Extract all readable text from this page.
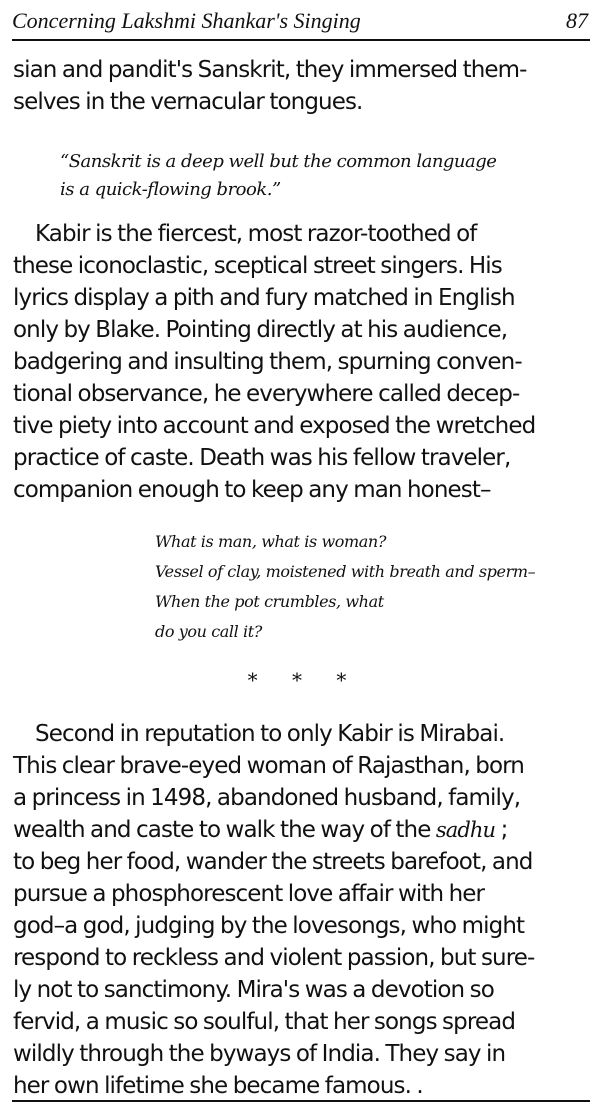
Concerning Lakshmi Shankar's Singing	87
sian and pandit's Sanskrit, they immersed them-
selves in the vernacular tongues.
“Sanskrit is a deep well but the common language
is a quick-flowing brook.”
Kabir is the fiercest, most razor-toothed of
these iconoclastic, sceptical street singers. His
lyrics display a pith and fury matched in English
only by Blake. Pointing directly at his audience,
badgering and insulting them, spurning conven-
tional observance, he everywhere called decep-
tive piety into account and exposed the wretched
practice of caste. Death was his fellow traveler,
companion enough to keep any man honest–
What is man, what is woman?
Vessel of clay, moistened with breath and sperm–
When the pot crumbles, what
do you call it?
* * *
Second in reputation to only Kabir is Mirabai.
This clear brave-eyed woman of Rajasthan, born
a princess in 1498, abandoned husband, family,
wealth and caste to walk the way of the sadhu ;
to beg her food, wander the streets barefoot, and
pursue a phosphorescent love affair with her
god–a god, judging by the lovesongs, who might
respond to reckless and violent passion, but sure-
ly not to sanctimony. Mira's was a devotion so
fervid, a music so soulful, that her songs spread
wildly through the byways of India. They say in
her own lifetime she became famous. .
